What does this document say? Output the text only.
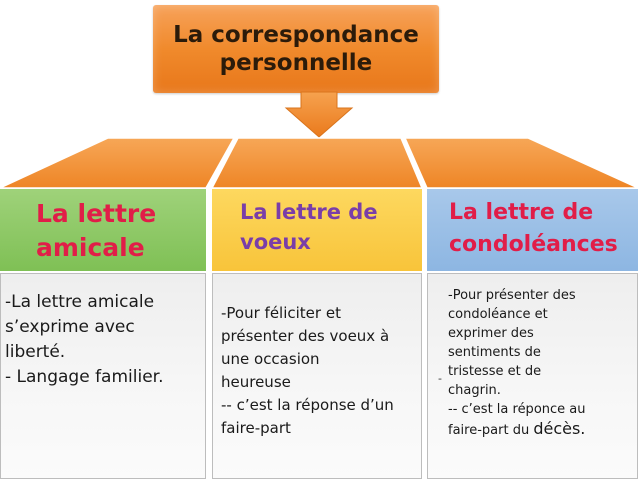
La correspondance
personnelle
La lettre
amicale

-La lettre amicale
s’exprime avec
liberté.
- Langage familier.

La lettre de
voeux

-Pour féliciter et
présenter des voeux à
une occasion
heureuse
-- c’est la réponse d’un
faire-part

La lettre de
condoléances
-

-Pour présenter des
condoléance et
exprimer des
sentiments de
tristesse et de
chagrin.
-- c’est la réponce au
faire-part du décès.
